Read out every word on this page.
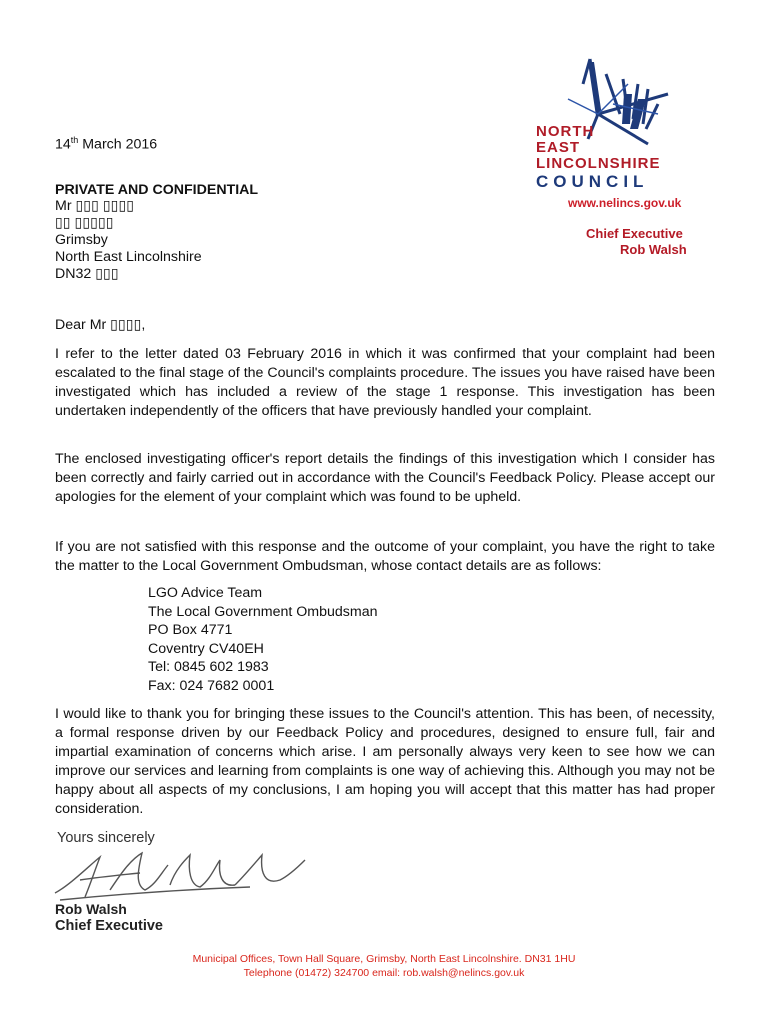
NORTH
EAST
LINCOLNSHIRE
COUNCIL
www.nelincs.gov.uk
Chief Executive
Rob Walsh
14th March 2016
PRIVATE AND CONFIDENTIAL
Mr ▯▯▯ ▯▯▯▯
▯▯ ▯▯▯▯▯
Grimsby
North East Lincolnshire
DN32 ▯▯▯
Dear Mr ▯▯▯▯,
I refer to the letter dated 03 February 2016 in which it was confirmed that your complaint had been escalated to the final stage of the Council's complaints procedure. The issues you have raised have been investigated which has included a review of the stage 1 response. This investigation has been undertaken independently of the officers that have previously handled your complaint.
The enclosed investigating officer's report details the findings of this investigation which I consider has been correctly and fairly carried out in accordance with the Council's Feedback Policy. Please accept our apologies for the element of your complaint which was found to be upheld.
If you are not satisfied with this response and the outcome of your complaint, you have the right to take the matter to the Local Government Ombudsman, whose contact details are as follows:
LGO Advice Team
The Local Government Ombudsman
PO Box 4771
Coventry CV40EH
Tel: 0845 602 1983
Fax: 024 7682 0001
I would like to thank you for bringing these issues to the Council's attention. This has been, of necessity, a formal response driven by our Feedback Policy and procedures, designed to ensure full, fair and impartial examination of concerns which arise. I am personally always very keen to see how we can improve our services and learning from complaints is one way of achieving this. Although you may not be happy about all aspects of my conclusions, I am hoping you will accept that this matter has had proper consideration.
Yours sincerely
Rob Walsh
Chief Executive
Municipal Offices, Town Hall Square, Grimsby, North East Lincolnshire. DN31 1HU
Telephone (01472) 324700 email: rob.walsh@nelincs.gov.uk
